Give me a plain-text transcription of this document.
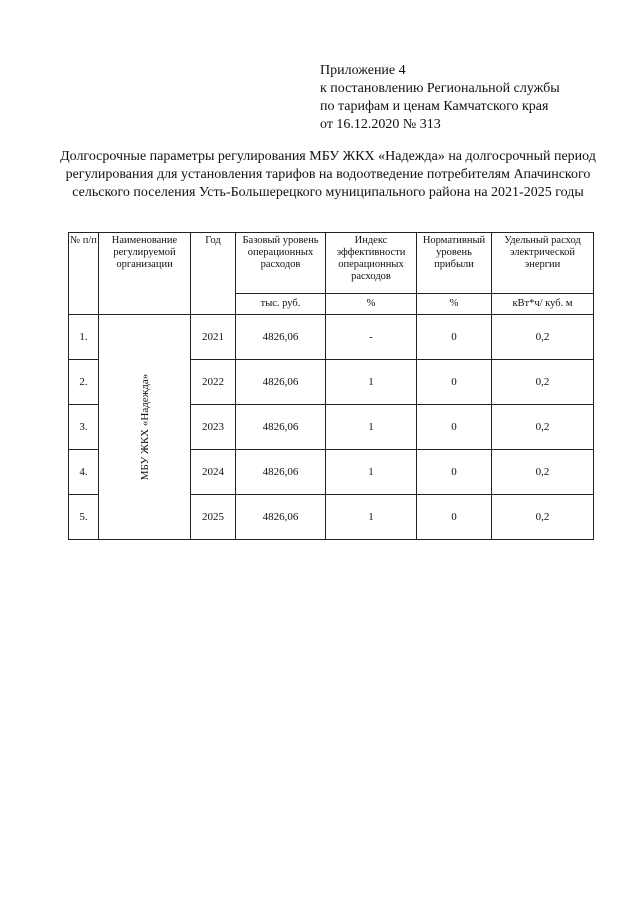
Приложение 4
к постановлению Региональной службы
по тарифам и ценам Камчатского края
от 16.12.2020 № 313
Долгосрочные параметры регулирования МБУ ЖКХ «Надежда» на долгосрочный период регулирования для установления тарифов на водоотведение потребителям Апачинского сельского поселения Усть-Большерецкого муниципального района на 2021-2025 годы
№ п/п	Наименование регулируемой организации	Год	Базовый уровень операционных расходов	Индекс эффективности операционных расходов	Нормативный уровень прибыли	Удельный расход электрической энергии
			тыс. руб.	%	%	кВт*ч/ куб. м
1.	МБУ ЖКХ «Надежда»	2021	4826,06	-	0	0,2
2.		2022	4826,06	1	0	0,2
3.		2023	4826,06	1	0	0,2
4.		2024	4826,06	1	0	0,2
5.		2025	4826,06	1	0	0,2
